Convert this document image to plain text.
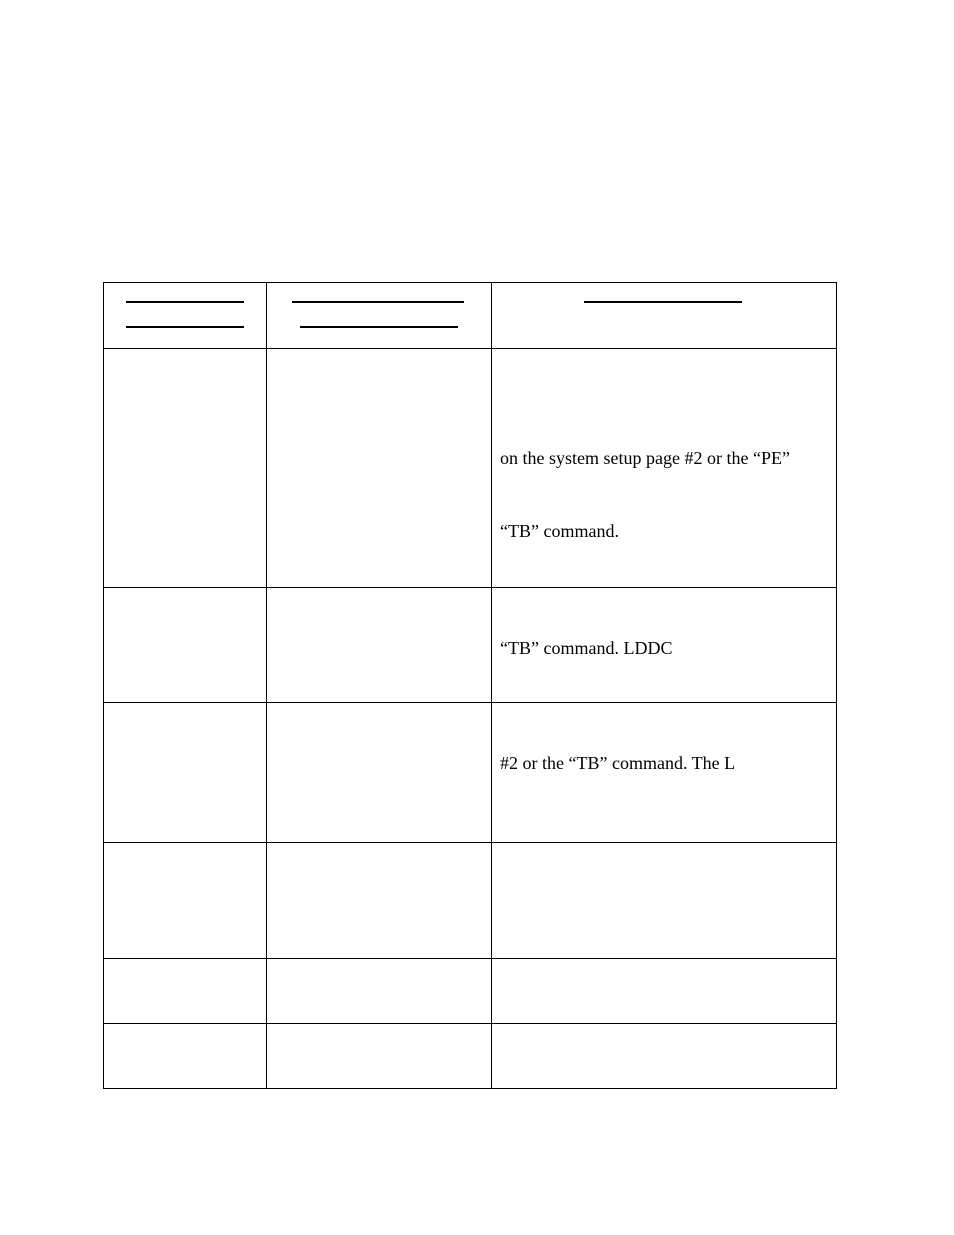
		on the system setup page #2 or the “PE”
“TB” command.

		“TB” command. LDDC

		#2 or the “TB” command. The L
